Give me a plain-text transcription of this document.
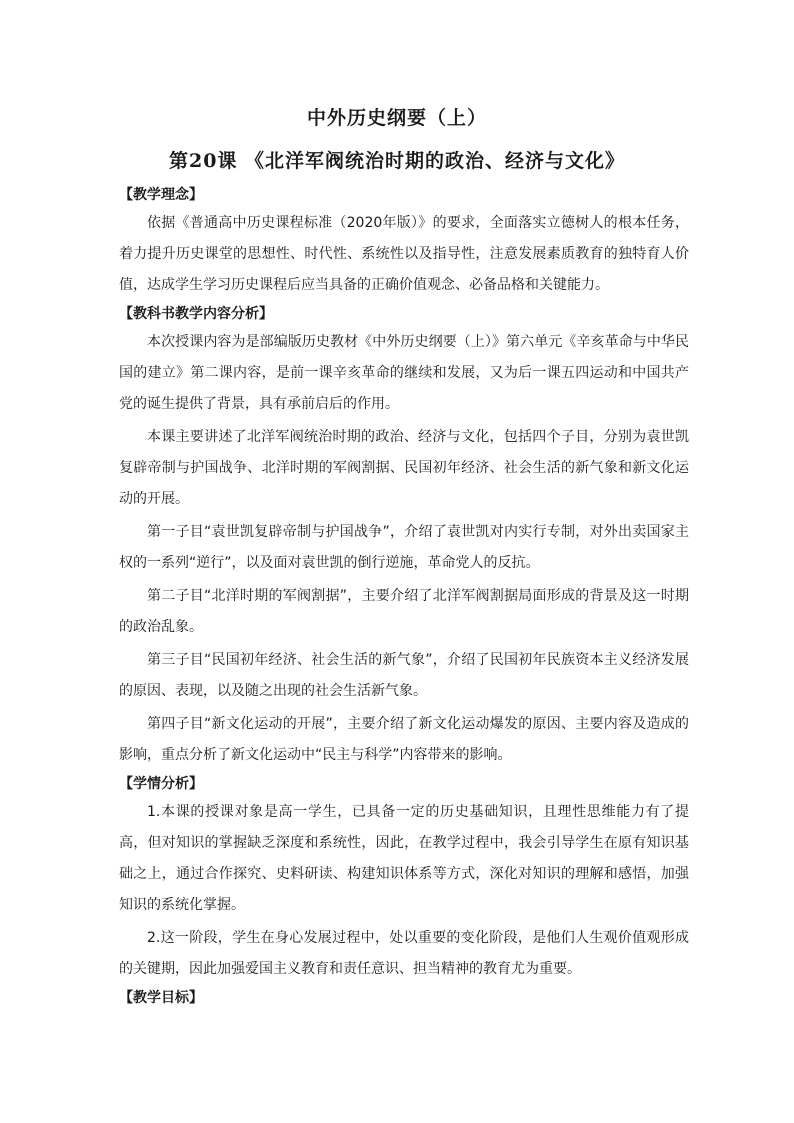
中外历史纲要（上）
第20课 《北洋军阀统治时期的政治、经济与文化》
【教学理念】

依据《普通高中历史课程标准（2020年版）》的要求，全面落实立德树人的根本任务，着力提升历史课堂的思想性、时代性、系统性以及指导性，注意发展素质教育的独特育人价值，达成学生学习历史课程后应当具备的正确价值观念、必备品格和关键能力。

【教科书教学内容分析】

本次授课内容为是部编版历史教材《中外历史纲要（上）》第六单元《辛亥革命与中华民国的建立》第二课内容，是前一课辛亥革命的继续和发展，又为后一课五四运动和中国共产党的诞生提供了背景，具有承前启后的作用。

本课主要讲述了北洋军阀统治时期的政治、经济与文化，包括四个子目，分别为袁世凯复辟帝制与护国战争、北洋时期的军阀割据、民国初年经济、社会生活的新气象和新文化运动的开展。

第一子目“袁世凯复辟帝制与护国战争”，介绍了袁世凯对内实行专制，对外出卖国家主权的一系列“逆行”，以及面对袁世凯的倒行逆施，革命党人的反抗。

第二子目“北洋时期的军阀割据”，主要介绍了北洋军阀割据局面形成的背景及这一时期的政治乱象。

第三子目“民国初年经济、社会生活的新气象”，介绍了民国初年民族资本主义经济发展的原因、表现，以及随之出现的社会生活新气象。

第四子目“新文化运动的开展”，主要介绍了新文化运动爆发的原因、主要内容及造成的影响，重点分析了新文化运动中“民主与科学”内容带来的影响。

【学情分析】

1.本课的授课对象是高一学生，已具备一定的历史基础知识，且理性思维能力有了提高，但对知识的掌握缺乏深度和系统性，因此，在教学过程中，我会引导学生在原有知识基础之上，通过合作探究、史料研读、构建知识体系等方式，深化对知识的理解和感悟，加强知识的系统化掌握。

2.这一阶段，学生在身心发展过程中，处以重要的变化阶段，是他们人生观价值观形成的关键期，因此加强爱国主义教育和责任意识、担当精神的教育尤为重要。

【教学目标】
